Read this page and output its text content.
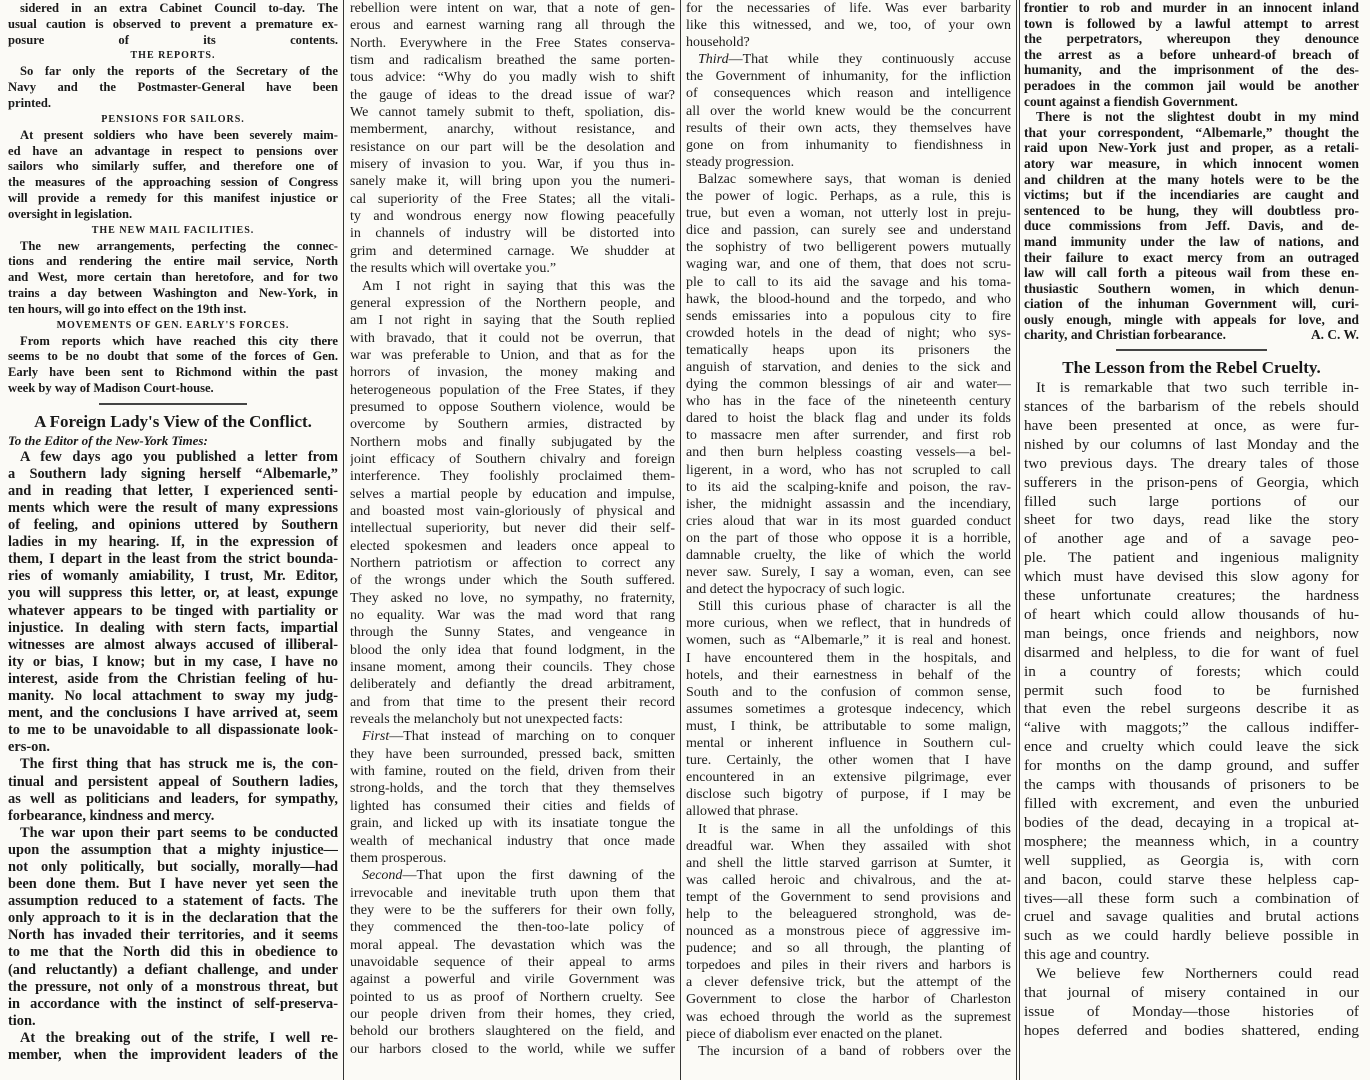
sidered in an extra Cabinet Council to-day. The
usual caution is observed to prevent a premature ex-
posure of its contents.
THE REPORTS.
So far only the reports of the Secretary of the
Navy and the Postmaster-General have been
printed.
PENSIONS FOR SAILORS.
At present soldiers who have been severely maim-
ed have an advantage in respect to pensions over
sailors who similarly suffer, and therefore one of
the measures of the approaching session of Congress
will provide a remedy for this manifest injustice or
oversight in legislation.
THE NEW MAIL FACILITIES.
The new arrangements, perfecting the connec-
tions and rendering the entire mail service, North
and West, more certain than heretofore, and for two
trains a day between Washington and New-York, in
ten hours, will go into effect on the 19th inst.
MOVEMENTS OF GEN. EARLY'S FORCES.
From reports which have reached this city there
seems to be no doubt that some of the forces of Gen.
Early have been sent to Richmond within the past
week by way of Madison Court-house.
A Foreign Lady's View of the Conflict.
To the Editor of the New-York Times:
A few days ago you published a letter from
a Southern lady signing herself “Albemarle,”
and in reading that letter, I experienced senti-
ments which were the result of many expressions
of feeling, and opinions uttered by Southern
ladies in my hearing. If, in the expression of
them, I depart in the least from the strict bounda-
ries of womanly amiability, I trust, Mr. Editor,
you will suppress this letter, or, at least, expunge
whatever appears to be tinged with partiality or
injustice. In dealing with stern facts, impartial
witnesses are almost always accused of illiberal-
ity or bias, I know; but in my case, I have no
interest, aside from the Christian feeling of hu-
manity. No local attachment to sway my judg-
ment, and the conclusions I have arrived at, seem
to me to be unavoidable to all dispassionate look-
ers-on.
The first thing that has struck me is, the con-
tinual and persistent appeal of Southern ladies,
as well as politicians and leaders, for sympathy,
forbearance, kindness and mercy.
The war upon their part seems to be conducted
upon the assumption that a mighty injustice—
not only politically, but socially, morally—had
been done them. But I have never yet seen the
assumption reduced to a statement of facts. The
only approach to it is in the declaration that the
North has invaded their territories, and it seems
to me that the North did this in obedience to
(and reluctantly) a defiant challenge, and under
the pressure, not only of a monstrous threat, but
in accordance with the instinct of self-preserva-
tion.
At the breaking out of the strife, I well re-
member, when the improvident leaders of the
rebellion were intent on war, that a note of gen-
erous and earnest warning rang all through the
North. Everywhere in the Free States conserva-
tism and radicalism breathed the same porten-
tous advice: “Why do you madly wish to shift
the gauge of ideas to the dread issue of war?
We cannot tamely submit to theft, spoliation, dis-
memberment, anarchy, without resistance, and
resistance on our part will be the desolation and
misery of invasion to you. War, if you thus in-
sanely make it, will bring upon you the numeri-
cal superiority of the Free States; all the vitali-
ty and wondrous energy now flowing peacefully
in channels of industry will be distorted into
grim and determined carnage. We shudder at
the results which will overtake you.”
Am I not right in saying that this was the
general expression of the Northern people, and
am I not right in saying that the South replied
with bravado, that it could not be overrun, that
war was preferable to Union, and that as for the
horrors of invasion, the money making and
heterogeneous population of the Free States, if they
presumed to oppose Southern violence, would be
overcome by Southern armies, distracted by
Northern mobs and finally subjugated by the
joint efficacy of Southern chivalry and foreign
interference. They foolishly proclaimed them-
selves a martial people by education and impulse,
and boasted most vain-gloriously of physical and
intellectual superiority, but never did their self-
elected spokesmen and leaders once appeal to
Northern patriotism or affection to correct any
of the wrongs under which the South suffered.
They asked no love, no sympathy, no fraternity,
no equality. War was the mad word that rang
through the Sunny States, and vengeance in
blood the only idea that found lodgment, in the
insane moment, among their councils. They chose
deliberately and defiantly the dread arbitrament,
and from that time to the present their record
reveals the melancholy but not unexpected facts:
First—That instead of marching on to conquer
they have been surrounded, pressed back, smitten
with famine, routed on the field, driven from their
strong-holds, and the torch that they themselves
lighted has consumed their cities and fields of
grain, and licked up with its insatiate tongue the
wealth of mechanical industry that once made
them prosperous.
Second—That upon the first dawning of the
irrevocable and inevitable truth upon them that
they were to be the sufferers for their own folly,
they commenced the then-too-late policy of
moral appeal. The devastation which was the
unavoidable sequence of their appeal to arms
against a powerful and virile Government was
pointed to us as proof of Northern cruelty. See
our people driven from their homes, they cried,
behold our brothers slaughtered on the field, and
our harbors closed to the world, while we suffer
for the necessaries of life. Was ever barbarity
like this witnessed, and we, too, of your own
household?
Third—That while they continuously accuse
the Government of inhumanity, for the infliction
of consequences which reason and intelligence
all over the world knew would be the concurrent
results of their own acts, they themselves have
gone on from inhumanity to fiendishness in
steady progression.
Balzac somewhere says, that woman is denied
the power of logic. Perhaps, as a rule, this is
true, but even a woman, not utterly lost in preju-
dice and passion, can surely see and understand
the sophistry of two belligerent powers mutually
waging war, and one of them, that does not scru-
ple to call to its aid the savage and his toma-
hawk, the blood-hound and the torpedo, and who
sends emissaries into a populous city to fire
crowded hotels in the dead of night; who sys-
tematically heaps upon its prisoners the
anguish of starvation, and denies to the sick and
dying the common blessings of air and water—
who has in the face of the nineteenth century
dared to hoist the black flag and under its folds
to massacre men after surrender, and first rob
and then burn helpless coasting vessels—a bel-
ligerent, in a word, who has not scrupled to call
to its aid the scalping-knife and poison, the rav-
isher, the midnight assassin and the incendiary,
cries aloud that war in its most guarded conduct
on the part of those who oppose it is a horrible,
damnable cruelty, the like of which the world
never saw. Surely, I say a woman, even, can see
and detect the hypocracy of such logic.
Still this curious phase of character is all the
more curious, when we reflect, that in hundreds of
women, such as “Albemarle,” it is real and honest.
I have encountered them in the hospitals, and
hotels, and their earnestness in behalf of the
South and to the confusion of common sense,
assumes sometimes a grotesque indecency, which
must, I think, be attributable to some malign,
mental or inherent influence in Southern cul-
ture. Certainly, the other women that I have
encountered in an extensive pilgrimage, ever
disclose such bigotry of purpose, if I may be
allowed that phrase.
It is the same in all the unfoldings of this
dreadful war. When they assailed with shot
and shell the little starved garrison at Sumter, it
was called heroic and chivalrous, and the at-
tempt of the Government to send provisions and
help to the beleaguered stronghold, was de-
nounced as a monstrous piece of aggressive im-
pudence; and so all through, the planting of
torpedoes and piles in their rivers and harbors is
a clever defensive trick, but the attempt of the
Government to close the harbor of Charleston
was echoed through the world as the supremest
piece of diabolism ever enacted on the planet.
The incursion of a band of robbers over the
frontier to rob and murder in an innocent inland
town is followed by a lawful attempt to arrest
the perpetrators, whereupon they denounce
the arrest as a before unheard-of breach of
humanity, and the imprisonment of the des-
peradoes in the common jail would be another
count against a fiendish Government.
There is not the slightest doubt in my mind
that your correspondent, “Albemarle,” thought the
raid upon New-York just and proper, as a retali-
atory war measure, in which innocent women
and children at the many hotels were to be the
victims; but if the incendiaries are caught and
sentenced to be hung, they will doubtless pro-
duce commissions from Jeff. Davis, and de-
mand immunity under the law of nations, and
their failure to exact mercy from an outraged
law will call forth a piteous wail from these en-
thusiastic Southern women, in which denun-
ciation of the inhuman Government will, curi-
ously enough, mingle with appeals for love, and
charity, and Christian forbearance.	A. C. W.
The Lesson from the Rebel Cruelty.
It is remarkable that two such terrible in-
stances of the barbarism of the rebels should
have been presented at once, as were fur-
nished by our columns of last Monday and the
two previous days. The dreary tales of those
sufferers in the prison-pens of Georgia, which
filled such large portions of our
sheet for two days, read like the story
of another age and of a savage peo-
ple. The patient and ingenious malignity
which must have devised this slow agony for
these unfortunate creatures; the hardness
of heart which could allow thousands of hu-
man beings, once friends and neighbors, now
disarmed and helpless, to die for want of fuel
in a country of forests; which could
permit such food to be furnished
that even the rebel surgeons describe it as
“alive with maggots;” the callous indiffer-
ence and cruelty which could leave the sick
for months on the damp ground, and suffer
the camps with thousands of prisoners to be
filled with excrement, and even the unburied
bodies of the dead, decaying in a tropical at-
mosphere; the meanness which, in a country
well supplied, as Georgia is, with corn
and bacon, could starve these helpless cap-
tives—all these form such a combination of
cruel and savage qualities and brutal actions
such as we could hardly believe possible in
this age and country.
We believe few Northerners could read
that journal of misery contained in our
issue of Monday—those histories of
hopes deferred and bodies shattered, ending
